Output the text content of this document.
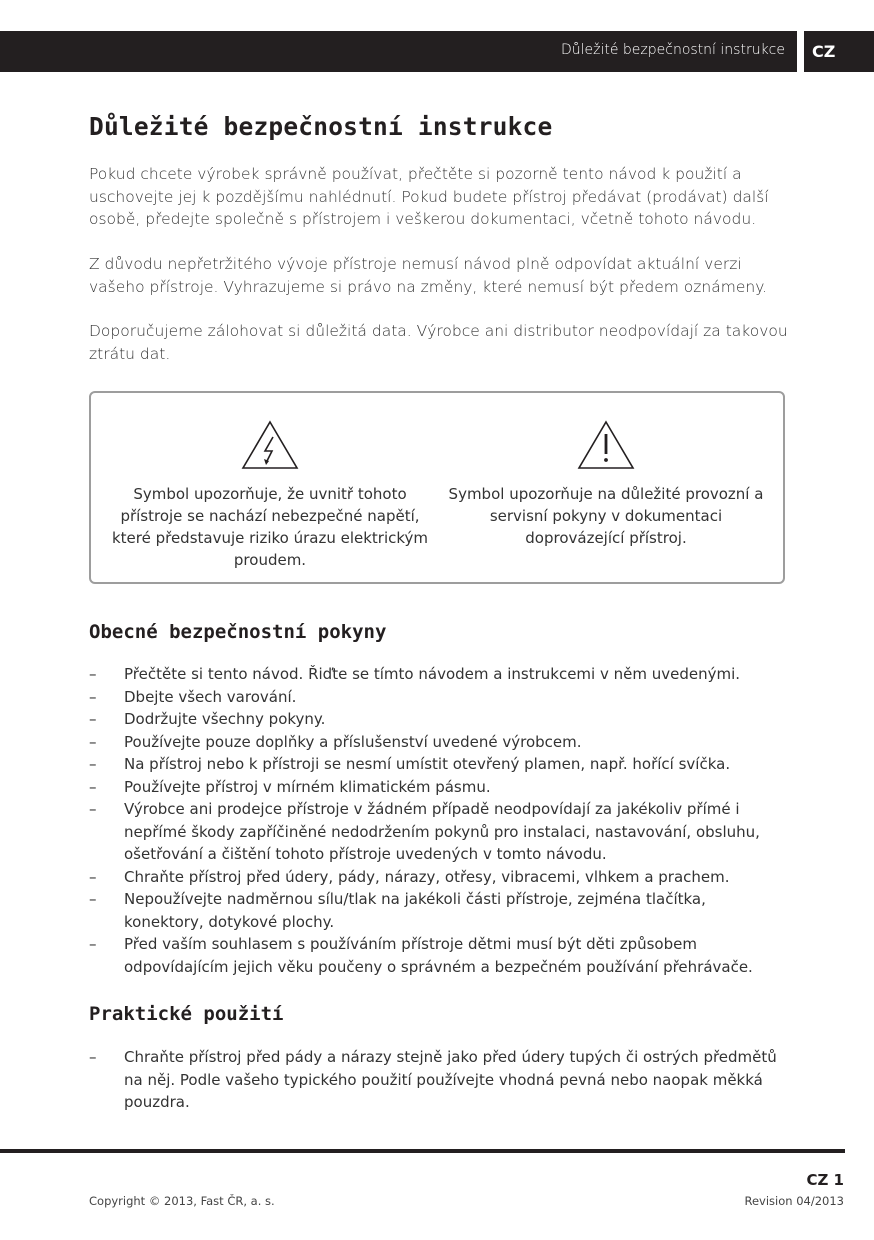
Důležité bezpečnostní instrukce	CZ
Důležité bezpečnostní instrukce

Pokud chcete výrobek správně používat, přečtěte si pozorně tento návod k použití a uschovejte jej k pozdějšímu nahlédnutí. Pokud budete přístroj předávat (prodávat) další osobě, předejte společně s přístrojem i veškerou dokumentaci, včetně tohoto návodu.

Z důvodu nepřetržitého vývoje přístroje nemusí návod plně odpovídat aktuální verzi vašeho přístroje. Vyhrazujeme si právo na změny, které nemusí být předem oznámeny.

Doporučujeme zálohovat si důležitá data. Výrobce ani distributor neodpovídají za takovou ztrátu dat.

Symbol upozorňuje, že uvnitř tohoto přístroje se nachází nebezpečné napětí, které představuje riziko úrazu elektrickým proudem.
Symbol upozorňuje na důležité provozní a servisní pokyny v dokumentaci doprovázející přístroj.
Obecné bezpečnostní pokyny
– Přečtěte si tento návod. Řiďte se tímto návodem a instrukcemi v něm uvedenými.
– Dbejte všech varování.
– Dodržujte všechny pokyny.
– Používejte pouze doplňky a příslušenství uvedené výrobcem.
– Na přístroj nebo k přístroji se nesmí umístit otevřený plamen, např. hořící svíčka.
– Používejte přístroj v mírném klimatickém pásmu.
– Výrobce ani prodejce přístroje v žádném případě neodpovídají za jakékoliv přímé i nepřímé škody zapříčiněné nedodržením pokynů pro instalaci, nastavování, obsluhu, ošetřování a čištění tohoto přístroje uvedených v tomto návodu.
– Chraňte přístroj před údery, pády, nárazy, otřesy, vibracemi, vlhkem a prachem.
– Nepoužívejte nadměrnou sílu/tlak na jakékoli části přístroje, zejména tlačítka, konektory, dotykové plochy.
– Před vaším souhlasem s používáním přístroje dětmi musí být děti způsobem odpovídajícím jejich věku poučeny o správném a bezpečném používání přehrávače.
Praktické použití
– Chraňte přístroj před pády a nárazy stejně jako před údery tupých či ostrých předmětů na něj. Podle vašeho typického použití používejte vhodná pevná nebo naopak měkká pouzdra.
CZ 1
Copyright © 2013, Fast ČR, a. s.	Revision 04/2013
